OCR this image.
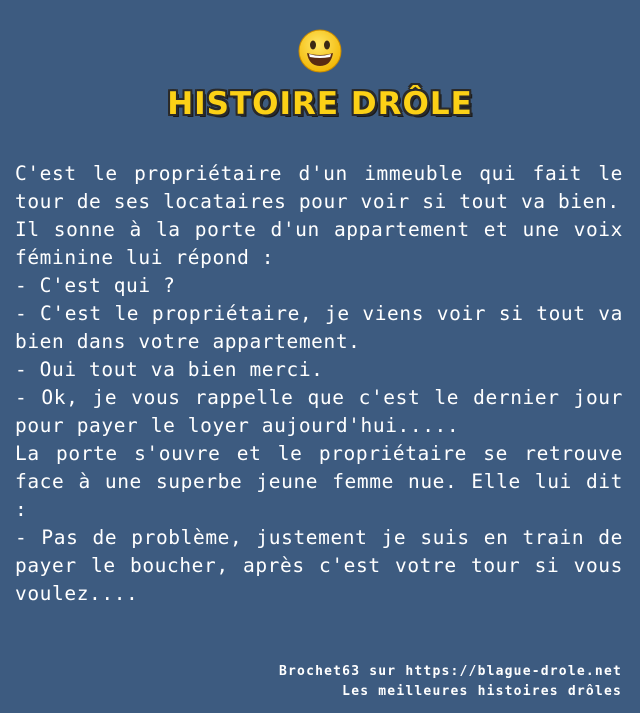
HISTOIRE DRÔLE

C'est le propriétaire d'un immeuble qui fait le tour de ses locataires pour voir si tout va bien.

Il sonne à la porte d'un appartement et une voix féminine lui répond :

- C'est qui ?

- C'est le propriétaire, je viens voir si tout va bien dans votre appartement.

- Oui tout va bien merci.

- Ok, je vous rappelle que c'est le dernier jour pour payer le loyer aujourd'hui.....

La porte s'ouvre et le propriétaire se retrouve face à une superbe jeune femme nue. Elle lui dit :

- Pas de problème, justement je suis en train de payer le boucher, après c'est votre tour si vous voulez....

Brochet63 sur https://blague-drole.net
Les meilleures histoires drôles
